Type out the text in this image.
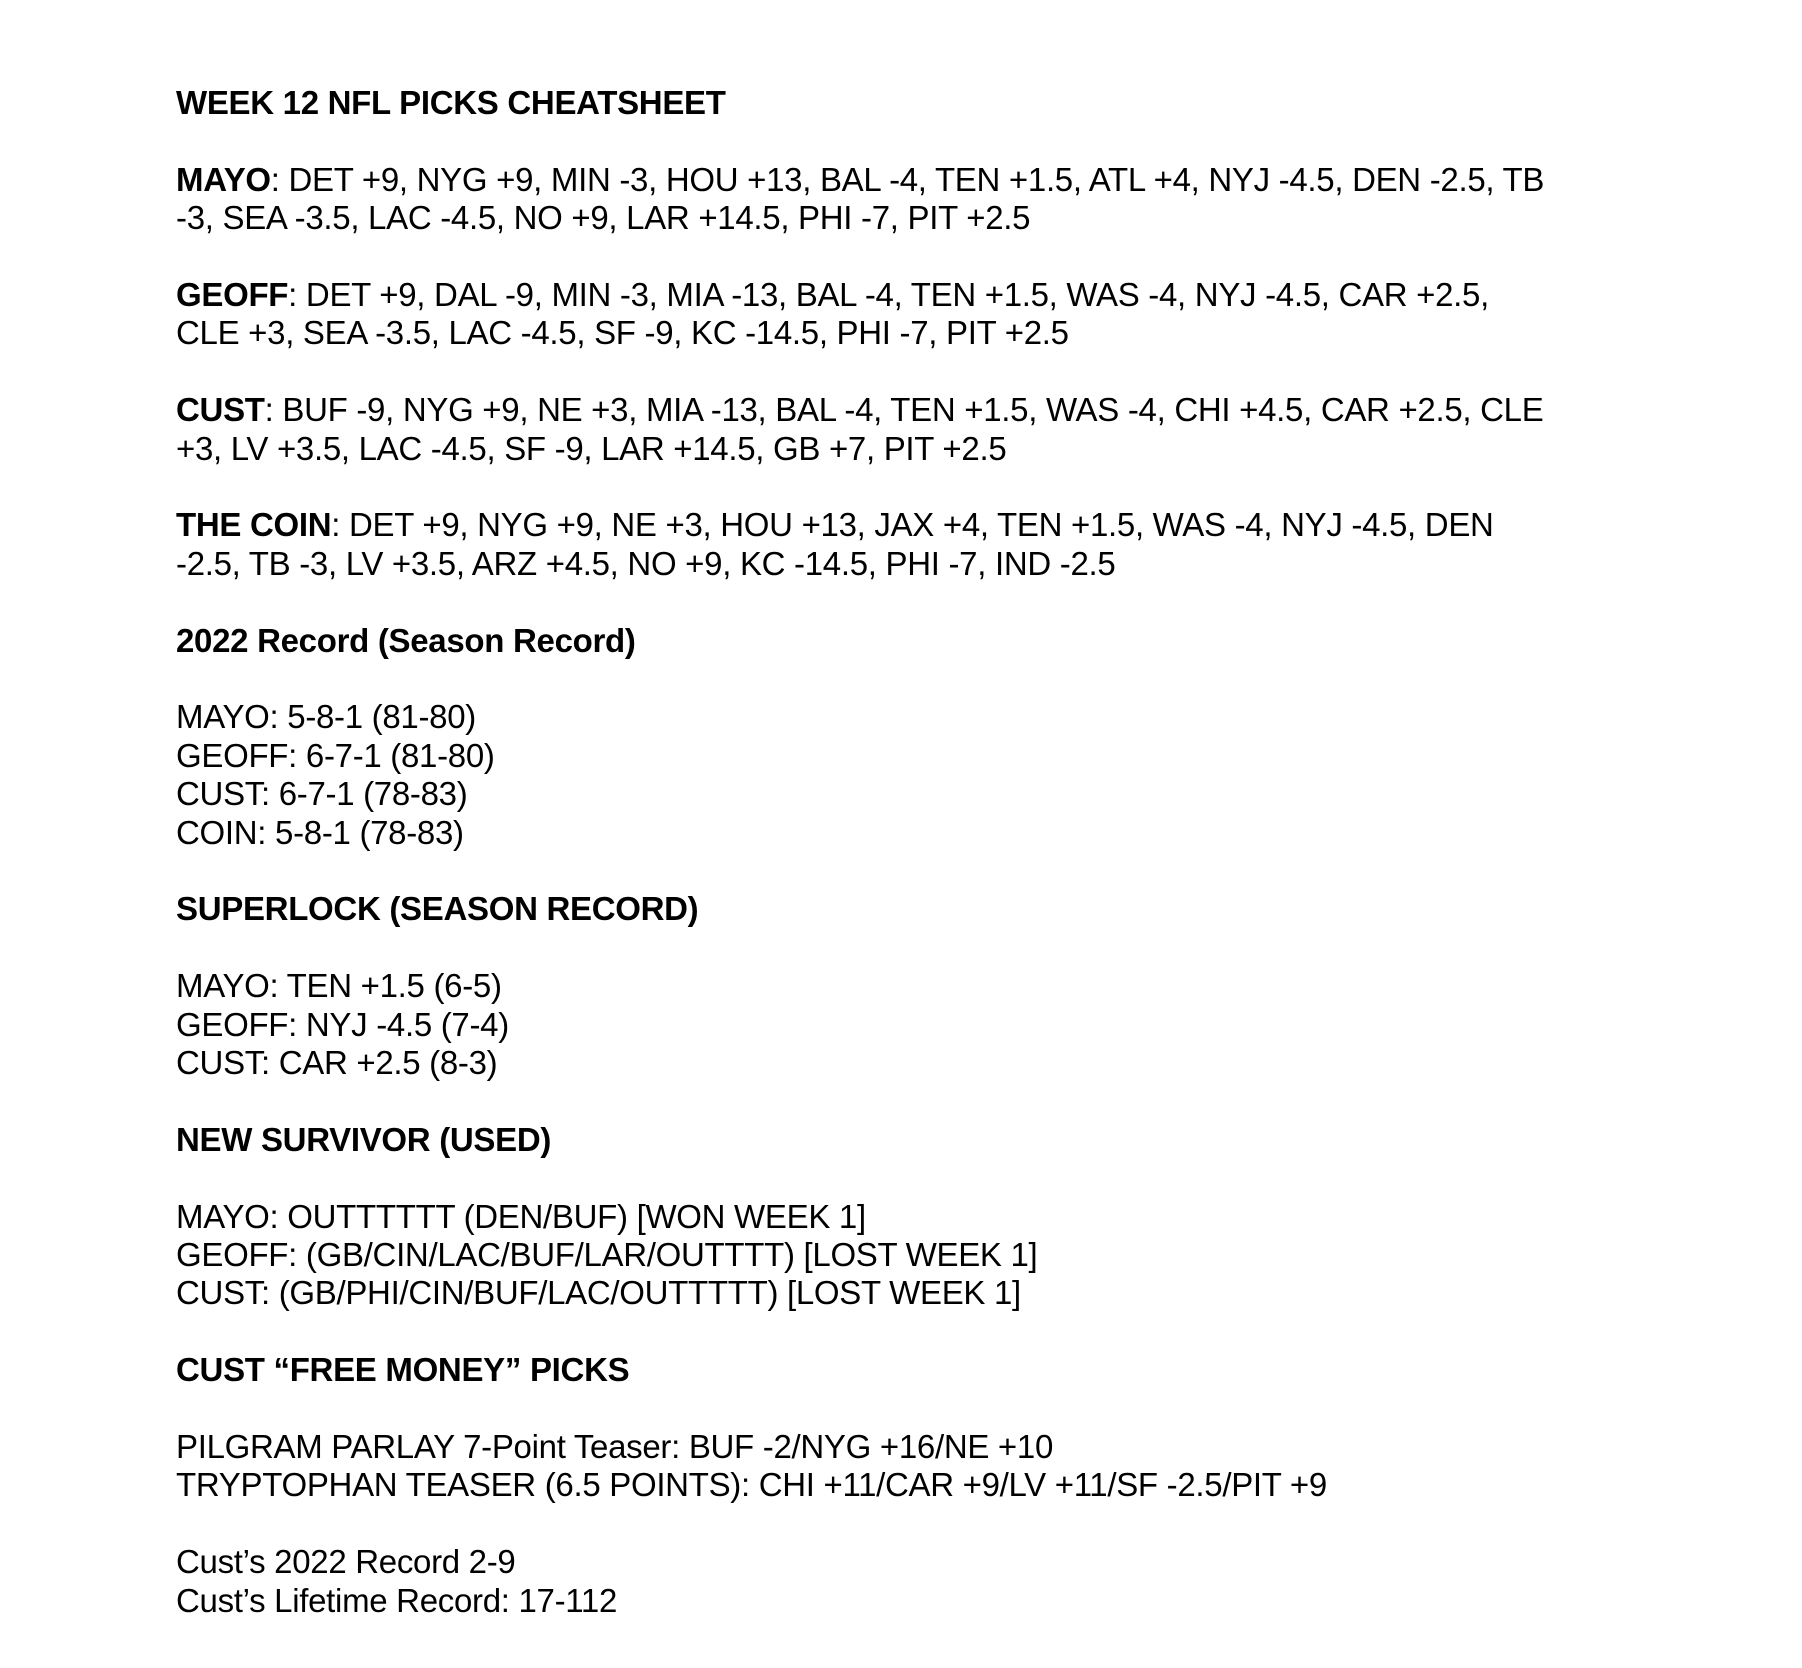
WEEK 12 NFL PICKS CHEATSHEET
MAYO: DET +9, NYG +9, MIN -3, HOU +13, BAL -4, TEN +1.5, ATL +4, NYJ -4.5, DEN -2.5, TB
-3, SEA -3.5, LAC -4.5, NO +9, LAR +14.5, PHI -7, PIT +2.5
GEOFF: DET +9, DAL -9, MIN -3, MIA -13, BAL -4, TEN +1.5, WAS -4, NYJ -4.5, CAR +2.5,
CLE +3, SEA -3.5, LAC -4.5, SF -9, KC -14.5, PHI -7, PIT +2.5
CUST: BUF -9, NYG +9, NE +3, MIA -13, BAL -4, TEN +1.5, WAS -4, CHI +4.5, CAR +2.5, CLE
+3, LV +3.5, LAC -4.5, SF -9, LAR +14.5, GB +7, PIT +2.5
THE COIN: DET +9, NYG +9, NE +3, HOU +13, JAX +4, TEN +1.5, WAS -4, NYJ -4.5, DEN
-2.5, TB -3, LV +3.5, ARZ +4.5, NO +9, KC -14.5, PHI -7, IND -2.5
2022 Record (Season Record)
MAYO: 5-8-1 (81-80)
GEOFF: 6-7-1 (81-80)
CUST: 6-7-1 (78-83)
COIN: 5-8-1 (78-83)
SUPERLOCK (SEASON RECORD)
MAYO: TEN +1.5 (6-5)
GEOFF: NYJ -4.5 (7-4)
CUST: CAR +2.5 (8-3)
NEW SURVIVOR (USED)
MAYO: OUTTTTTT (DEN/BUF) [WON WEEK 1]
GEOFF: (GB/CIN/LAC/BUF/LAR/OUTTTT) [LOST WEEK 1]
CUST: (GB/PHI/CIN/BUF/LAC/OUTTTTT) [LOST WEEK 1]
CUST “FREE MONEY” PICKS
PILGRAM PARLAY 7-Point Teaser: BUF -2/NYG +16/NE +10
TRYPTOPHAN TEASER (6.5 POINTS): CHI +11/CAR +9/LV +11/SF -2.5/PIT +9
Cust’s 2022 Record 2-9
Cust’s Lifetime Record: 17-112
